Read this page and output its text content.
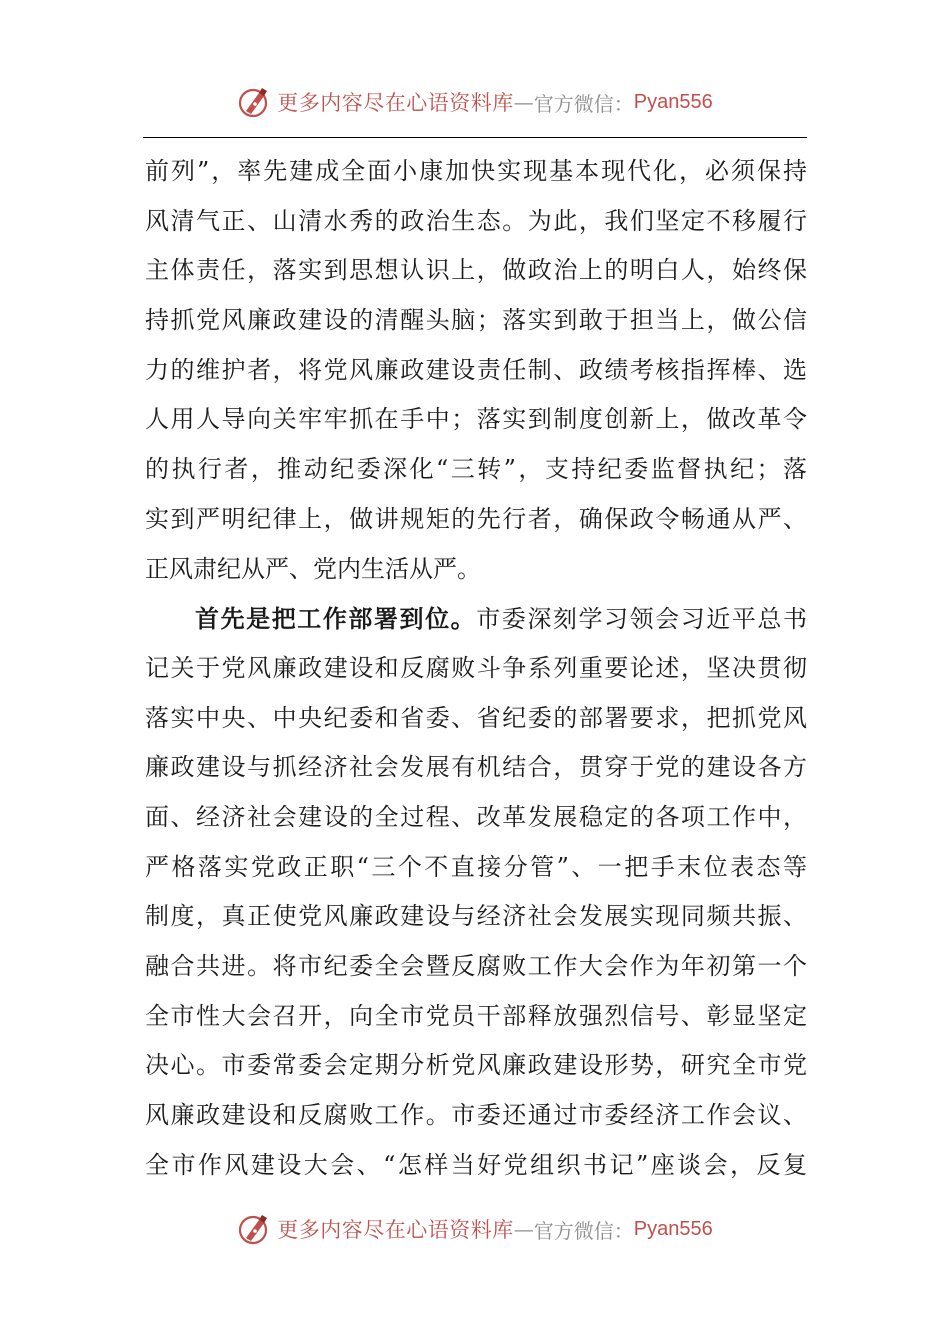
更多内容尽在心语资料库 — 官方微信： Pyan556
前列”，率先建成全面小康加快实现基本现代化，必须保持
风清气正、山清水秀的政治生态。为此，我们坚定不移履行
主体责任，落实到思想认识上，做政治上的明白人，始终保
持抓党风廉政建设的清醒头脑；落实到敢于担当上，做公信
力的维护者，将党风廉政建设责任制、政绩考核指挥棒、选
人用人导向关牢牢抓在手中；落实到制度创新上，做改革令
的执行者，推动纪委深化“三转”，支持纪委监督执纪；落
实到严明纪律上，做讲规矩的先行者，确保政令畅通从严、
正风肃纪从严、党内生活从严。
首先是把工作部署到位。市委深刻学习领会习近平总书
记关于党风廉政建设和反腐败斗争系列重要论述，坚决贯彻
落实中央、中央纪委和省委、省纪委的部署要求，把抓党风
廉政建设与抓经济社会发展有机结合，贯穿于党的建设各方
面、经济社会建设的全过程、改革发展稳定的各项工作中，
严格落实党政正职“三个不直接分管”、一把手末位表态等
制度，真正使党风廉政建设与经济社会发展实现同频共振、
融合共进。将市纪委全会暨反腐败工作大会作为年初第一个
全市性大会召开，向全市党员干部释放强烈信号、彰显坚定
决心。市委常委会定期分析党风廉政建设形势，研究全市党
风廉政建设和反腐败工作。市委还通过市委经济工作会议、
全市作风建设大会、“怎样当好党组织书记”座谈会，反复
更多内容尽在心语资料库 — 官方微信： Pyan556
